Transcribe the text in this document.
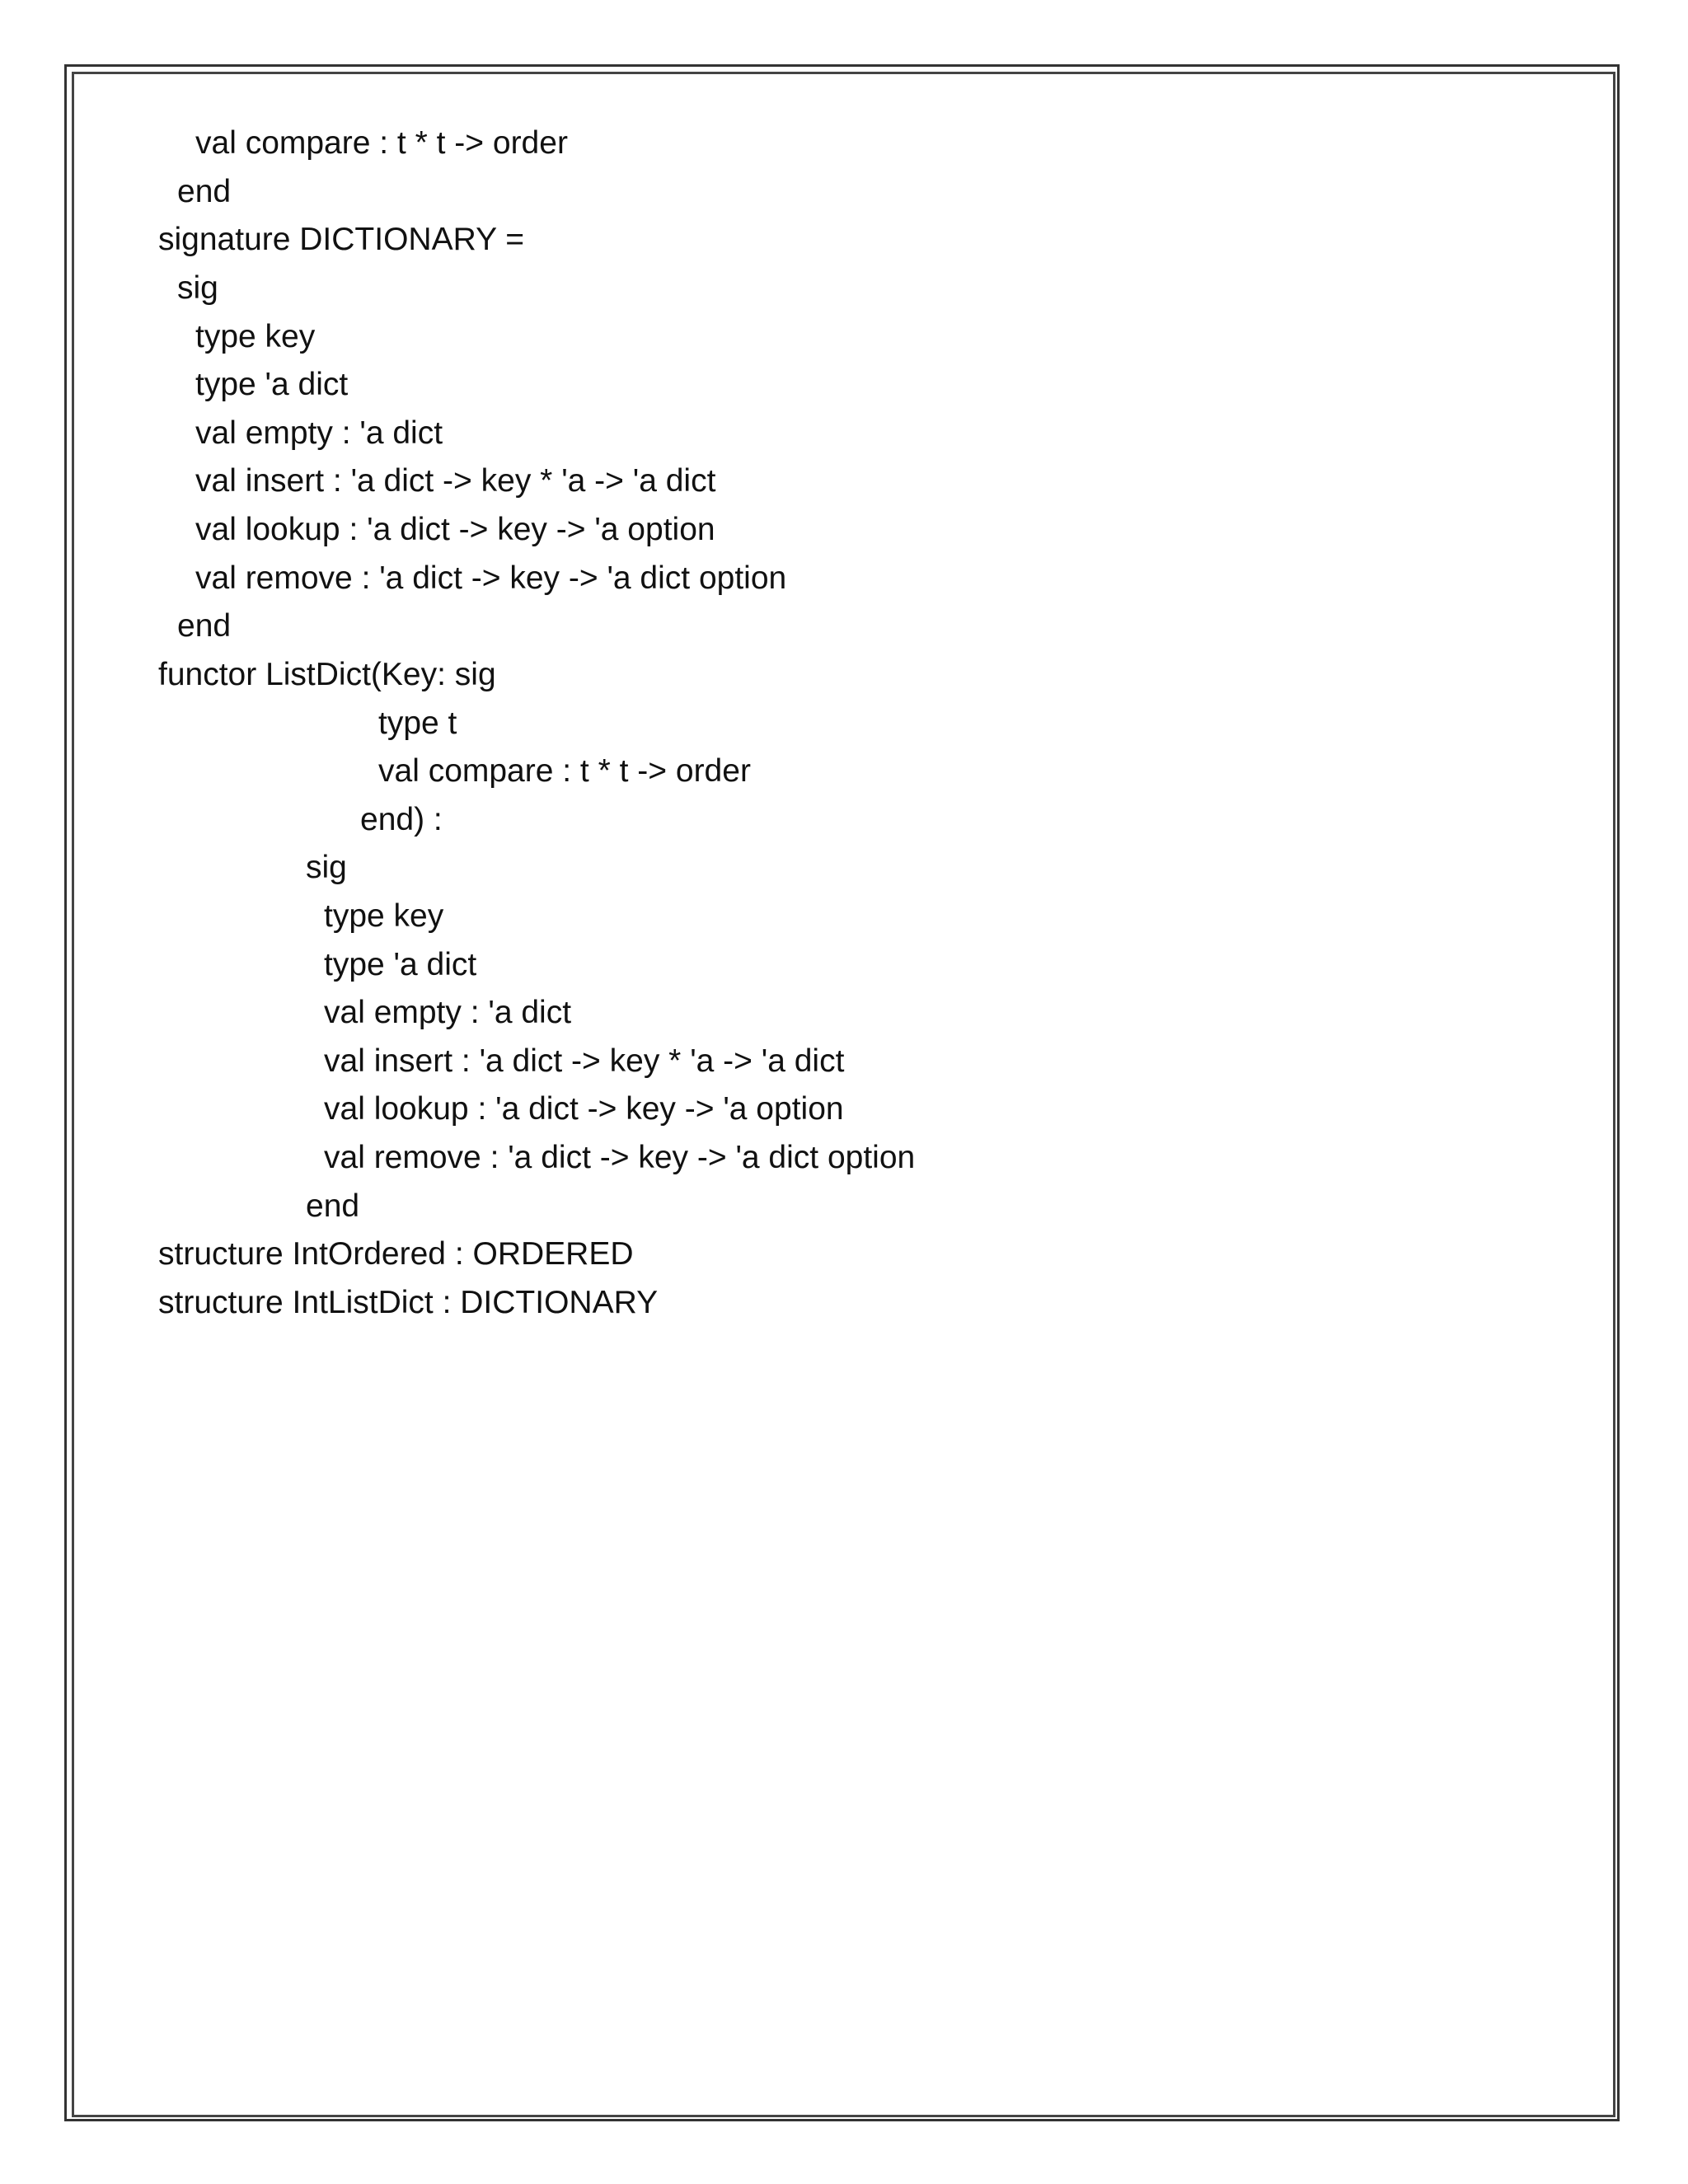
val compare : t * t -> order
end
signature DICTIONARY =
sig
type key
type 'a dict
val empty : 'a dict
val insert : 'a dict -> key * 'a -> 'a dict
val lookup : 'a dict -> key -> 'a option
val remove : 'a dict -> key -> 'a dict option
end
functor ListDict(Key: sig
type t
val compare : t * t -> order
end) :
sig
type key
type 'a dict
val empty : 'a dict
val insert : 'a dict -> key * 'a -> 'a dict
val lookup : 'a dict -> key -> 'a option
val remove : 'a dict -> key -> 'a dict option
end
structure IntOrdered : ORDERED
structure IntListDict : DICTIONARY
